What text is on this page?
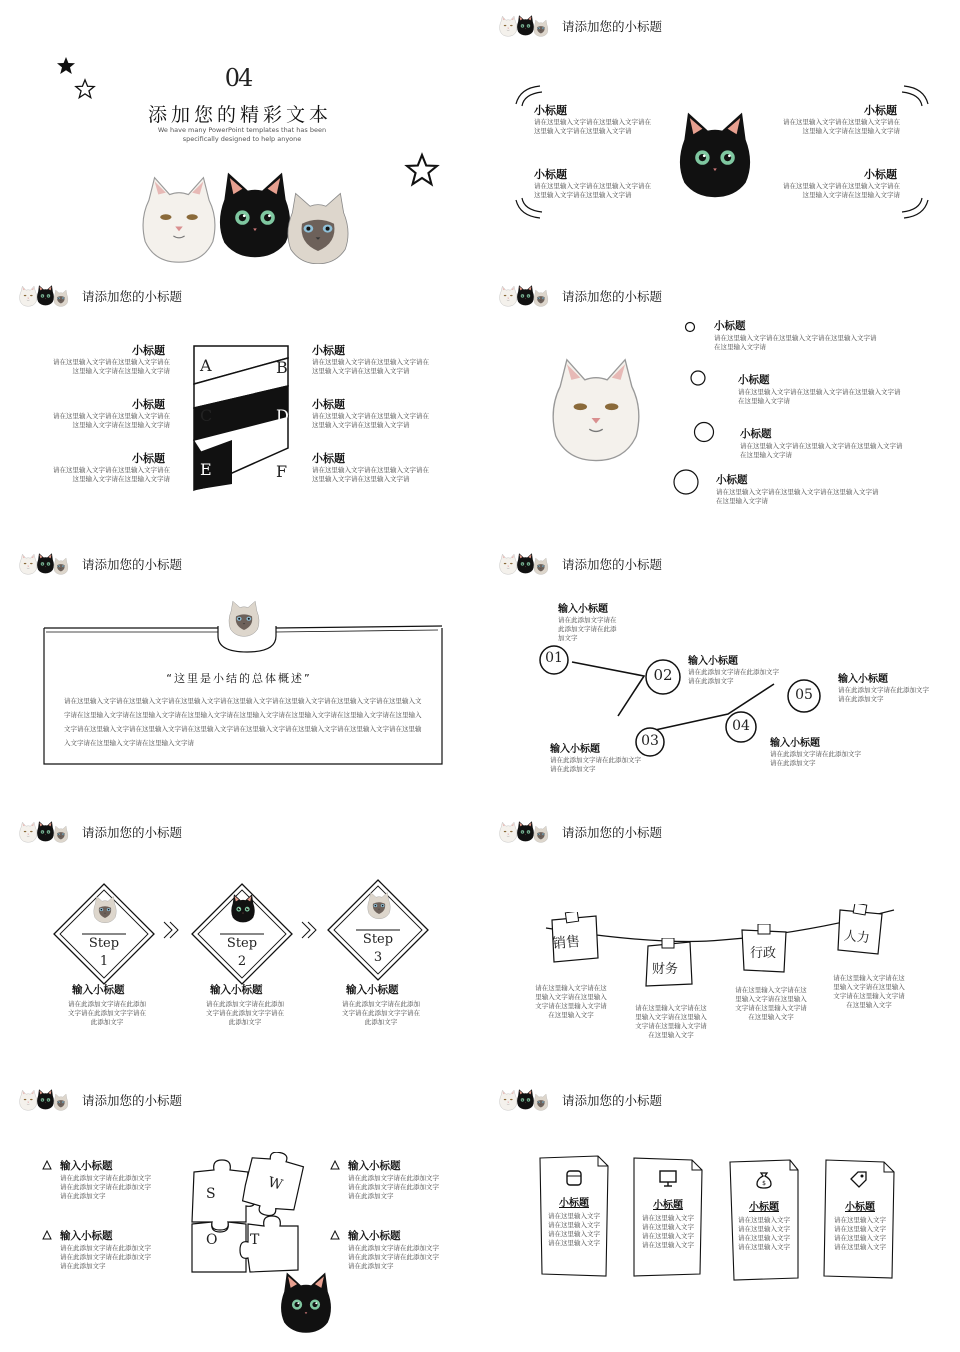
04
添加您的精彩文本
We have many PowerPoint templates that has been
specifically designed to help anyone
请添加您的小标题
小标题
请在这里输入文字请在这里输入文字请在这里输入文字请在这里输入文字请
小标题
请在这里输入文字请在这里输入文字请在这里输入文字请在这里输入文字请
小标题
请在这里输入文字请在这里输入文字请在这里输入文字请在这里输入文字请
小标题
请在这里输入文字请在这里输入文字请在这里输入文字请在这里输入文字请
请添加您的小标题
A	B
C	D
E	F
小标题
请在这里输入文字请在这里输入文字请在这里输入文字请在这里输入文字请
小标题
请在这里输入文字请在这里输入文字请在这里输入文字请在这里输入文字请
小标题
请在这里输入文字请在这里输入文字请在这里输入文字请在这里输入文字请
小标题
请在这里输入文字请在这里输入文字请在这里输入文字请在这里输入文字请
小标题
请在这里输入文字请在这里输入文字请在这里输入文字请在这里输入文字请
小标题
请在这里输入文字请在这里输入文字请在这里输入文字请在这里输入文字请
请添加您的小标题
小标题
请在这里输入文字请在这里输入文字请在这里输入文字请在这里输入文字请
小标题
请在这里输入文字请在这里输入文字请在这里输入文字请在这里输入文字请
小标题
请在这里输入文字请在这里输入文字请在这里输入文字请在这里输入文字请
小标题
请在这里输入文字请在这里输入文字请在这里输入文字请在这里输入文字请
请添加您的小标题
“这里是小结的总体概述”
请在这里输入文字请在这里输入文字请在这里输入文字请在这里输入文字请在这里输入文字请在这里输入文字请在这里输入文字请在这里输入文字请在这里输入文字请在这里输入文字请在这里输入文字请在这里输入文字请在这里输入文字请在这里输入文字请在这里输入文字请在这里输入文字请在这里输入文字请在这里输入文字请在这里输入文字请在这里输入文字请在这里输入文字请在这里输入文字请在这里输入文字请
请添加您的小标题
01
02
03
04
05
输入小标题
请在此添加文字请在此添加文字请在此添加文字
输入小标题
请在此添加文字请在此添加文字请在此添加文字
输入小标题
请在此添加文字请在此添加文字请在此添加文字
输入小标题
请在此添加文字请在此添加文字请在此添加文字
输入小标题
请在此添加文字请在此添加文字请在此添加文字
请添加您的小标题
Step
1
Step
2
Step
3
输入小标题
请在此添加文字请在此添加文字请在此添加文字字请在此添加文字
输入小标题
请在此添加文字请在此添加文字请在此添加文字字请在此添加文字
输入小标题
请在此添加文字请在此添加文字请在此添加文字字请在此添加文字
请添加您的小标题
销售
财务
行政
人力
请在这里输入文字请在这里输入文字请在这里输入文字请在这里输入文字请在这里输入文字
请在这里输入文字请在这里输入文字请在这里输入文字请在这里输入文字请在这里输入文字
请在这里输入文字请在这里输入文字请在这里输入文字请在这里输入文字请在这里输入文字
请在这里输入文字请在这里输入文字请在这里输入文字请在这里输入文字请在这里输入文字
请添加您的小标题
输入小标题
请在此添加文字请在此添加文字请在此添加文字请在此添加文字请在此添加文字
输入小标题
请在此添加文字请在此添加文字请在此添加文字请在此添加文字请在此添加文字
输入小标题
请在此添加文字请在此添加文字请在此添加文字请在此添加文字请在此添加文字
输入小标题
请在此添加文字请在此添加文字请在此添加文字请在此添加文字请在此添加文字
S
W
O T
请添加您的小标题
小标题
请在这里输入文字请在这里输入文字请在这里输入文字请在这里输入文字
小标题
请在这里输入文字请在这里输入文字请在这里输入文字请在这里输入文字
$
小标题
请在这里输入文字请在这里输入文字请在这里输入文字请在这里输入文字
小标题
请在这里输入文字请在这里输入文字请在这里输入文字请在这里输入文字
